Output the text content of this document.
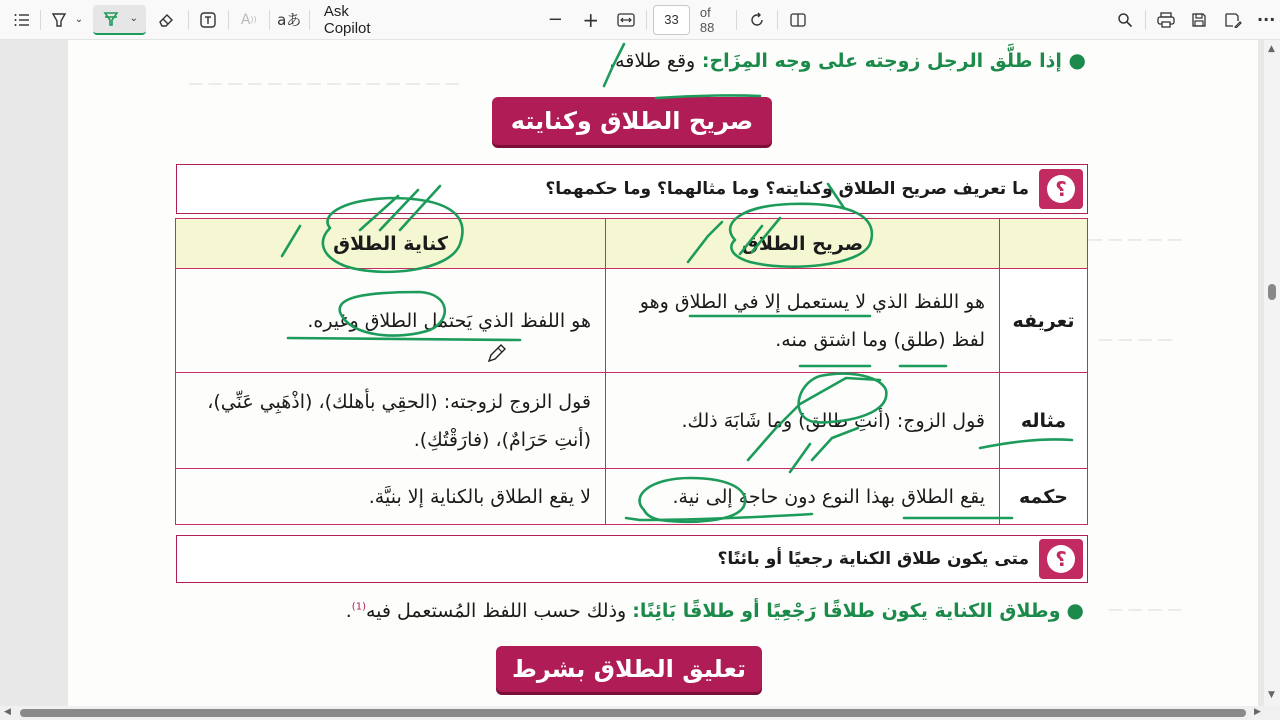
⌄	⌄	A )) aあ Ask Copilot	− +	33	of 88	···
— — — — — — — — — — — — — —
— — — — —
— — — —
— — — —
● إذا طلَّق الرجل زوجته على وجه المِزَاح: وقع طلاقه.
صريح الطلاق وكنايته
ما تعريف صريح الطلاق وكنايته؟ وما مثالهما؟ وما حكمهما؟	؟
	صريح الطلاق	كناية الطلاق
تعريفه	هو اللفظ الذي لا يستعمل إلا في الطلاق وهو لفظ (طلق) وما اشتق منه.	هو اللفظ الذي يَحتمل الطلاق وغيره.
مثاله	قول الزوج: (أنتِ طالق) وما شَابَهَ ذلك.	قول الزوج لزوجته: (الحقِي بأهلك)، (اذْهَبِي عَنِّي)، (أنتِ حَرَامٌ)، (فارَقْتُكِ).
حكمه	يقع الطلاق بهذا النوع دون حاجة إلى نية.	لا يقع الطلاق بالكناية إلا بنيَّة.
متى يكون طلاق الكناية رجعيًا أو بائنًا؟	؟
● وطلاق الكناية يكون طلاقًا رَجْعِيًا أو طلاقًا بَائِنًا: وذلك حسب اللفظ المُستعمل فيه$^{(1)}$.
تعليق الطلاق بشرط
▲
▼
◀	▶
